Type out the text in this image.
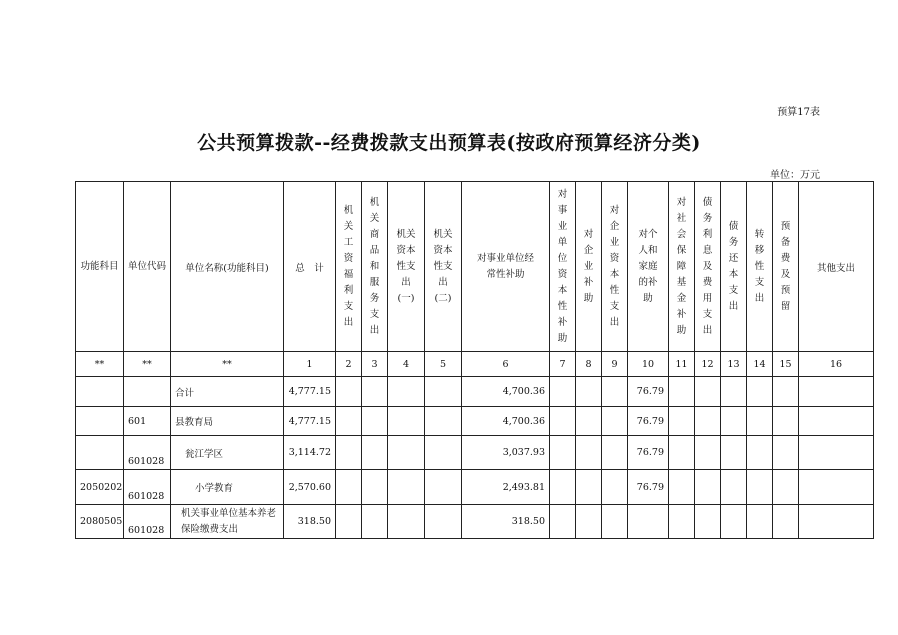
预算17表
公共预算拨款--经费拨款支出预算表(按政府预算经济分类)
单位：万元
功能科目	单位代码	单位名称(功能科目)	总　计	机关工资福利支出	机关商品和服务支出	机关资本性支出(一)	机关资本性支出(二)	对事业单位经常性补助	对事业单位资本性补助	对企业补助	对企业资本性支出	对个人和家庭的补助	对社会保障基金补助	债务利息及费用支出	债务还本支出	转移性支出	预备费及预留	其他支出
**	**	**	1	2	3	4	5	6	7	8	9	10	11	12	13	14	15	16
		合计	4,777.15					4,700.36				76.79						
	601	县教育局	4,777.15					4,700.36				76.79						
	601028	瓮江学区	3,114.72					3,037.93				76.79						
2050202	601028	小学教育	2,570.60					2,493.81				76.79						
2080505	601028	机关事业单位基本养老保险缴费支出	318.50					318.50										
